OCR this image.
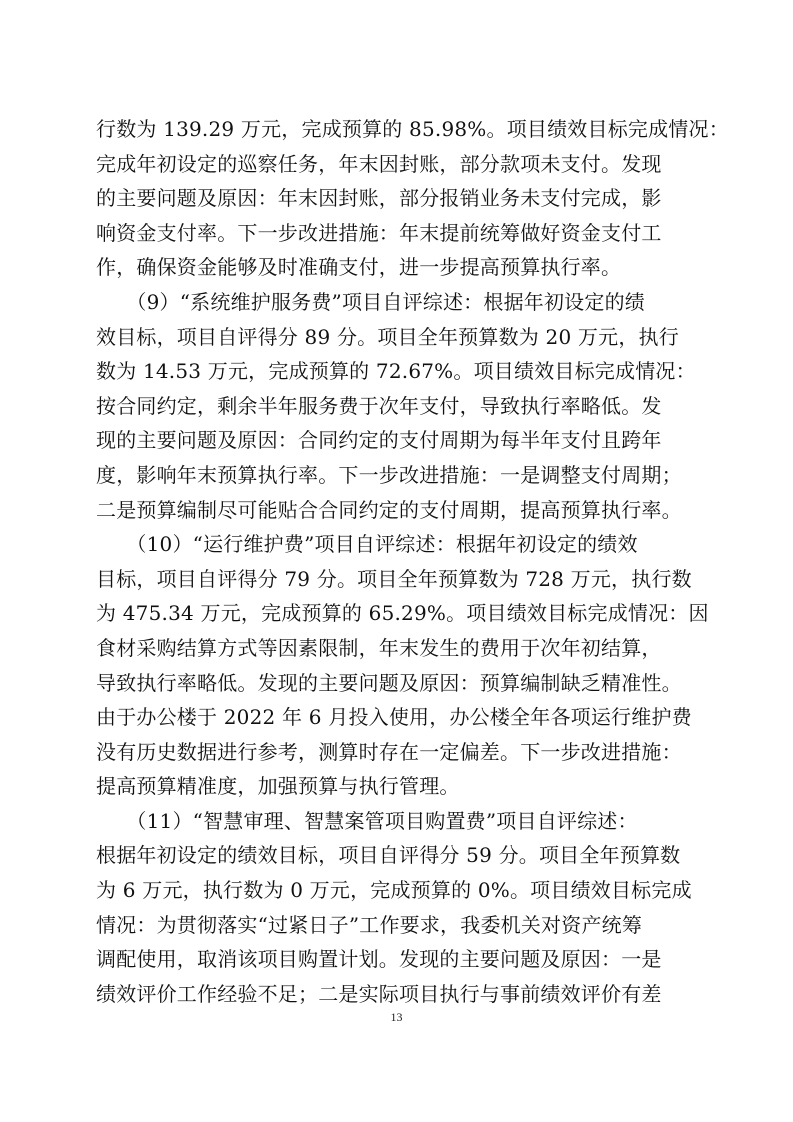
行数为 139.29 万元，完成预算的 85.98%。项目绩效目标完成情况：
完成年初设定的巡察任务，年末因封账，部分款项未支付。发现
的主要问题及原因：年末因封账，部分报销业务未支付完成，影
响资金支付率。下一步改进措施：年末提前统筹做好资金支付工
作，确保资金能够及时准确支付，进一步提高预算执行率。
　　（9）“系统维护服务费”项目自评综述：根据年初设定的绩
效目标，项目自评得分 89 分。项目全年预算数为 20 万元，执行
数为 14.53 万元，完成预算的 72.67%。项目绩效目标完成情况：
按合同约定，剩余半年服务费于次年支付，导致执行率略低。发
现的主要问题及原因：合同约定的支付周期为每半年支付且跨年
度，影响年末预算执行率。下一步改进措施：一是调整支付周期；
二是预算编制尽可能贴合合同约定的支付周期，提高预算执行率。
　　（10）“运行维护费”项目自评综述：根据年初设定的绩效
目标，项目自评得分 79 分。项目全年预算数为 728 万元，执行数
为 475.34 万元，完成预算的 65.29%。项目绩效目标完成情况：因
食材采购结算方式等因素限制，年末发生的费用于次年初结算，
导致执行率略低。发现的主要问题及原因：预算编制缺乏精准性。
由于办公楼于 2022 年 6 月投入使用，办公楼全年各项运行维护费
没有历史数据进行参考，测算时存在一定偏差。下一步改进措施：
提高预算精准度，加强预算与执行管理。
　　（11）“智慧审理、智慧案管项目购置费”项目自评综述：
根据年初设定的绩效目标，项目自评得分 59 分。项目全年预算数
为 6 万元，执行数为 0 万元，完成预算的 0%。项目绩效目标完成
情况：为贯彻落实“过紧日子”工作要求，我委机关对资产统筹
调配使用，取消该项目购置计划。发现的主要问题及原因：一是
绩效评价工作经验不足；二是实际项目执行与事前绩效评价有差
13
